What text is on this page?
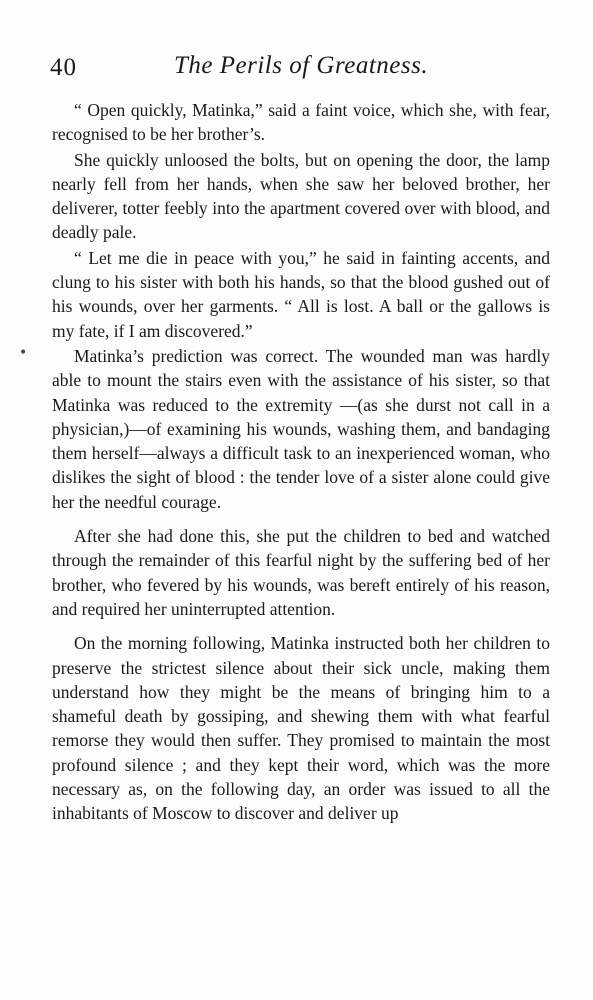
40	The Perils of Greatness.
•

“ Open quickly, Matinka,” said a faint voice, which she, with fear, recognised to be her brother’s.

She quickly unloosed the bolts, but on opening the door, the lamp nearly fell from her hands, when she saw her beloved brother, her deliverer, totter feebly into the apartment covered over with blood, and deadly pale.

“ Let me die in peace with you,” he said in fainting accents, and clung to his sister with both his hands, so that the blood gushed out of his wounds, over her garments. “ All is lost. A ball or the gallows is my fate, if I am discovered.”

Matinka’s prediction was correct. The wounded man was hardly able to mount the stairs even with the assistance of his sister, so that Matinka was reduced to the extremity —(as she durst not call in a physician,)—of examining his wounds, washing them, and bandaging them herself—always a difficult task to an inexperienced woman, who dislikes the sight of blood : the tender love of a sister alone could give her the needful courage.

After she had done this, she put the children to bed and watched through the remainder of this fearful night by the suffering bed of her brother, who fevered by his wounds, was bereft entirely of his reason, and required her uninterrupted attention.

On the morning following, Matinka instructed both her children to preserve the strictest silence about their sick uncle, making them understand how they might be the means of bringing him to a shameful death by gossiping, and shewing them with what fearful remorse they would then suffer. They promised to maintain the most profound silence ; and they kept their word, which was the more necessary as, on the following day, an order was issued to all the inhabitants of Moscow to discover and deliver up
